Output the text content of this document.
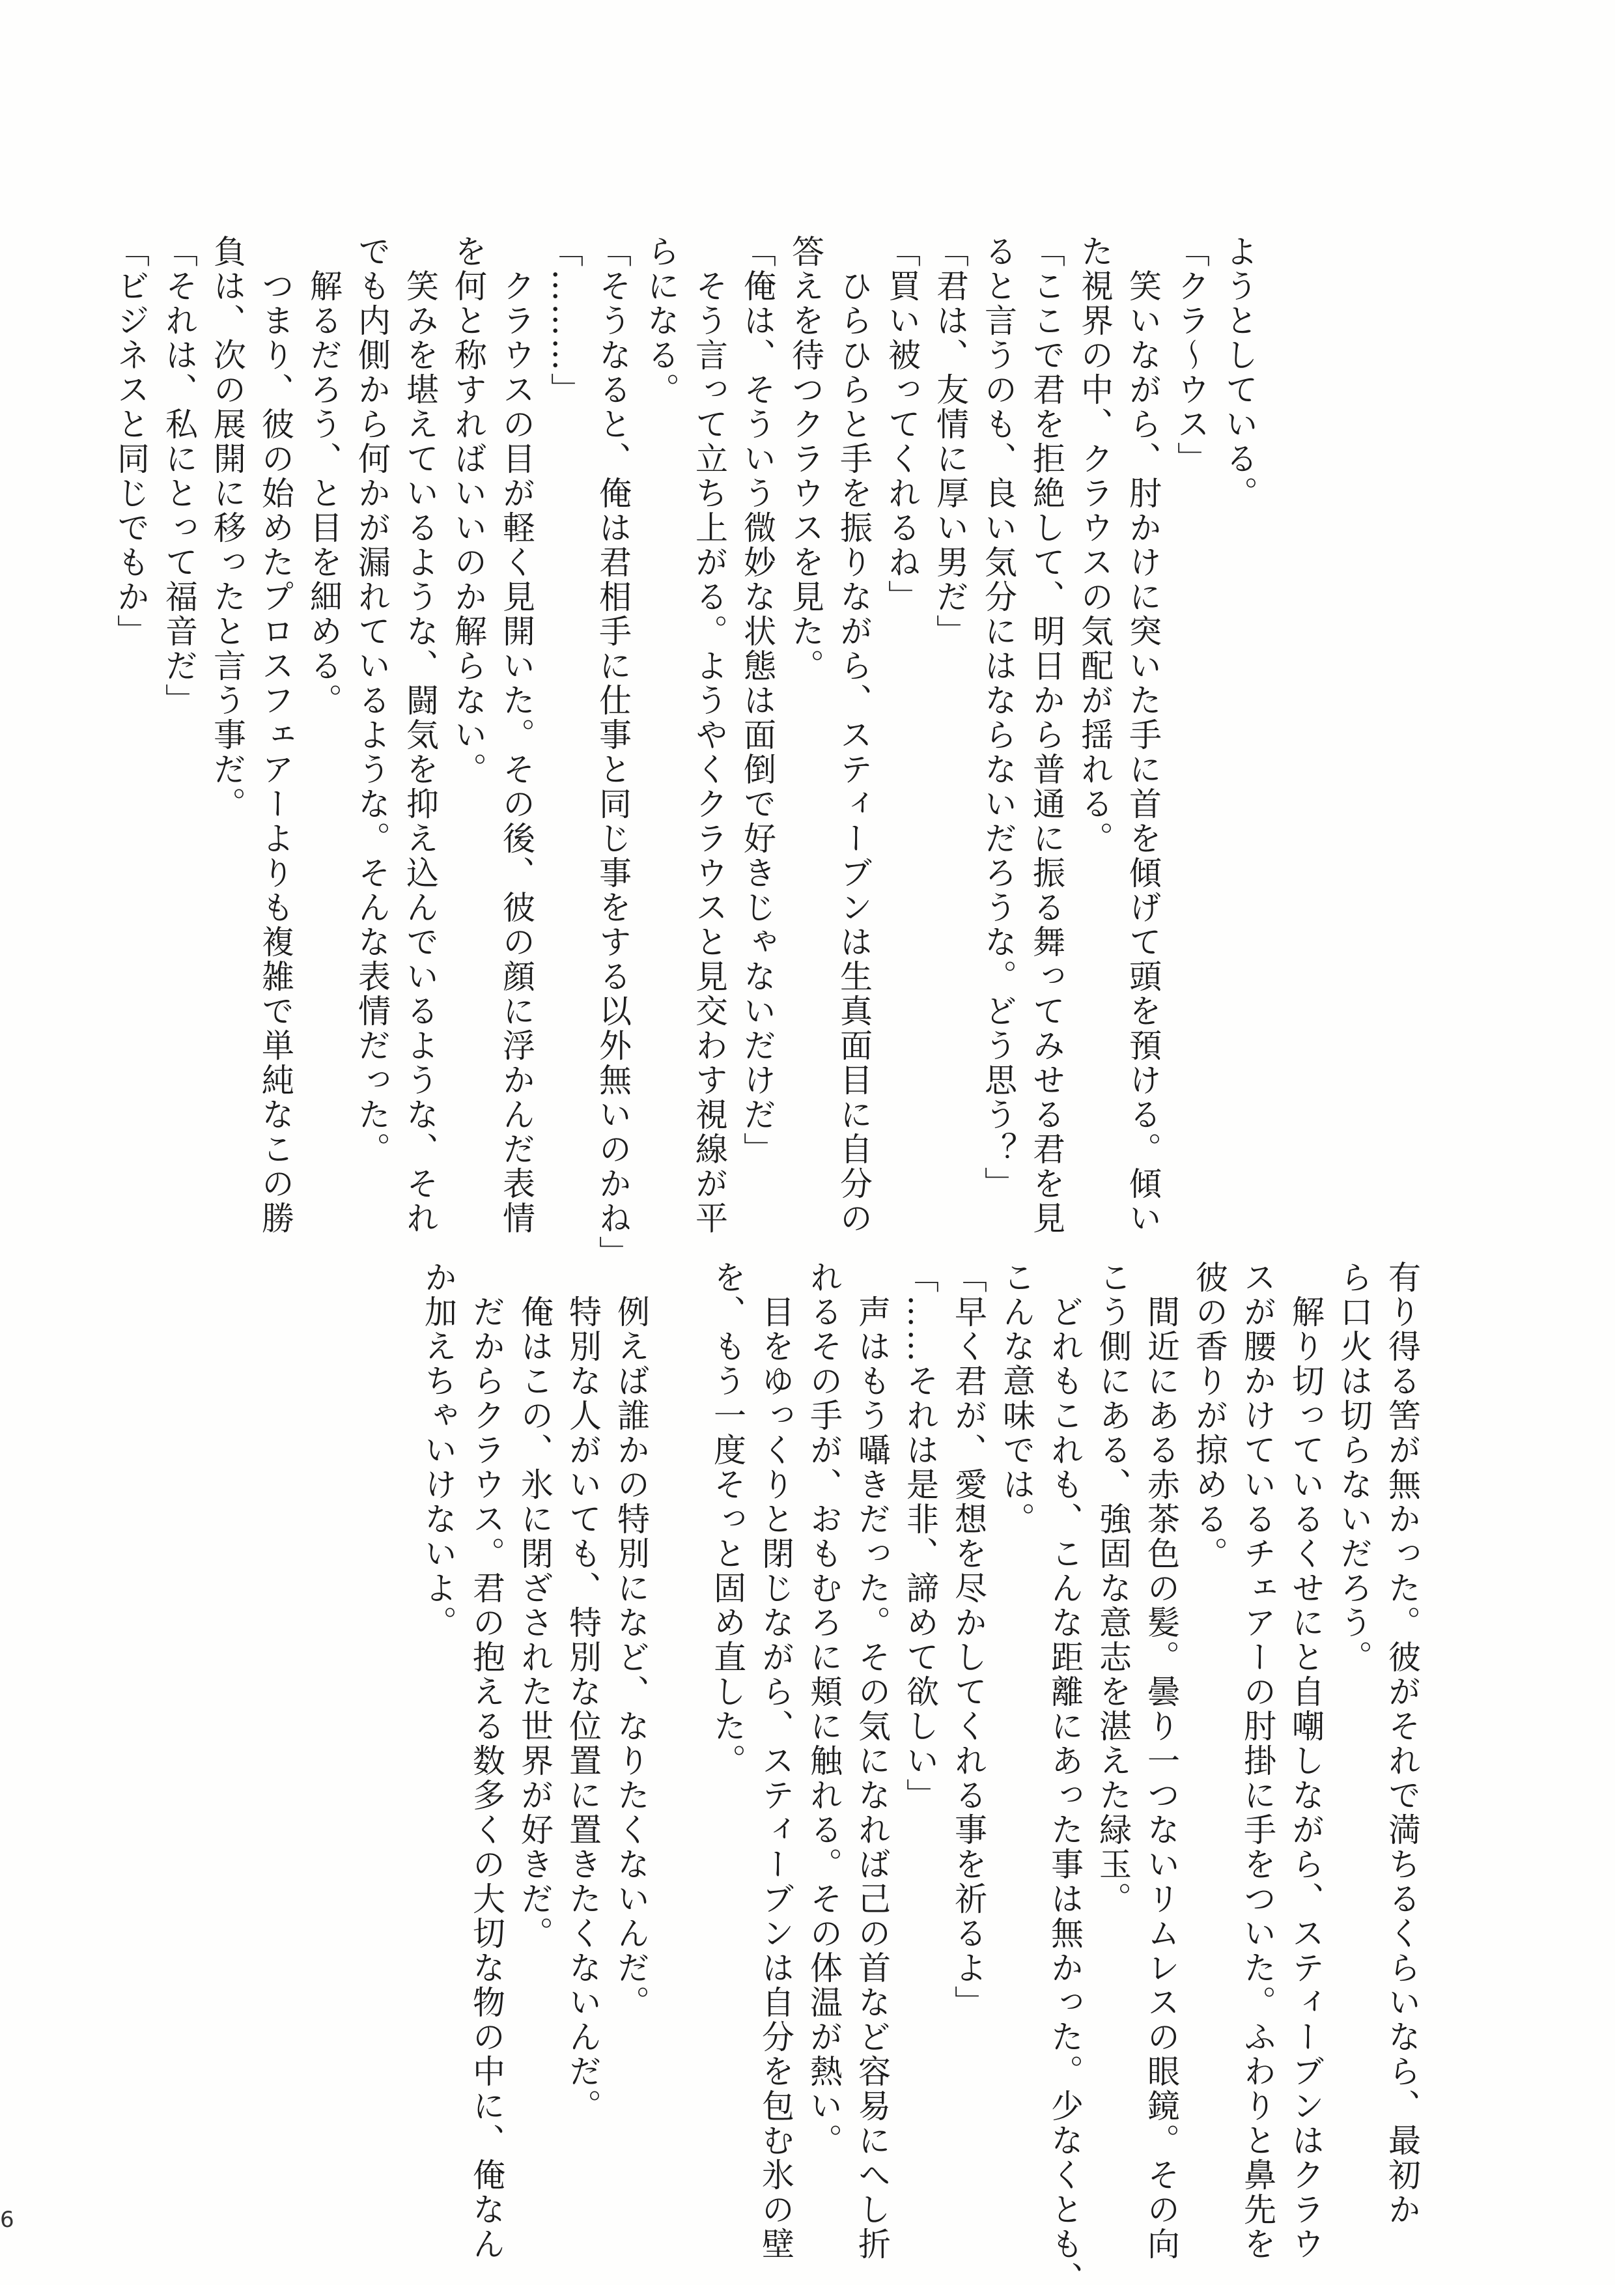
ようとしている。
「クラ〜ウス」
　笑いながら、肘かけに突いた手に首を傾げて頭を預ける。傾い
た視界の中、クラウスの気配が揺れる。
「ここで君を拒絶して、明日から普通に振る舞ってみせる君を見
ると言うのも、良い気分にはならないだろうな。どう思う？」
「君は、友情に厚い男だ」
「買い被ってくれるね」
　ひらひらと手を振りながら、スティーブンは生真面目に自分の
答えを待つクラウスを見た。
「俺は、そういう微妙な状態は面倒で好きじゃないだけだ」
　そう言って立ち上がる。ようやくクラウスと見交わす視線が平
らになる。
「そうなると、俺は君相手に仕事と同じ事をする以外無いのかね」
「………」
　クラウスの目が軽く見開いた。その後、彼の顔に浮かんだ表情
を何と称すればいいのか解らない。
　笑みを堪えているような、闘気を抑え込んでいるような、それ
でも内側から何かが漏れているような。そんな表情だった。
　解るだろう、と目を細める。
　つまり、彼の始めたプロスフェアーよりも複雑で単純なこの勝
負は、次の展開に移ったと言う事だ。
「それは、私にとって福音だ」
「ビジネスと同じでもか」
有り得る筈が無かった。彼がそれで満ちるくらいなら、最初か
ら口火は切らないだろう。
　解り切っているくせにと自嘲しながら、スティーブンはクラウ
スが腰かけているチェアーの肘掛に手をついた。ふわりと鼻先を
彼の香りが掠める。
　間近にある赤茶色の髪。曇り一つないリムレスの眼鏡。その向
こう側にある、強固な意志を湛えた緑玉。
　どれもこれも、こんな距離にあった事は無かった。少なくとも、
こんな意味では。
「早く君が、愛想を尽かしてくれる事を祈るよ」
「……それは是非、諦めて欲しい」
　声はもう囁きだった。その気になれば己の首など容易にへし折
れるその手が、おもむろに頬に触れる。その体温が熱い。
　目をゆっくりと閉じながら、スティーブンは自分を包む氷の壁
を、もう一度そっと固め直した。
　例えば誰かの特別になど、なりたくないんだ。
　特別な人がいても、特別な位置に置きたくないんだ。
　俺はこの、氷に閉ざされた世界が好きだ。
　だからクラウス。君の抱える数多くの大切な物の中に、俺なん
か加えちゃいけないよ。
6
